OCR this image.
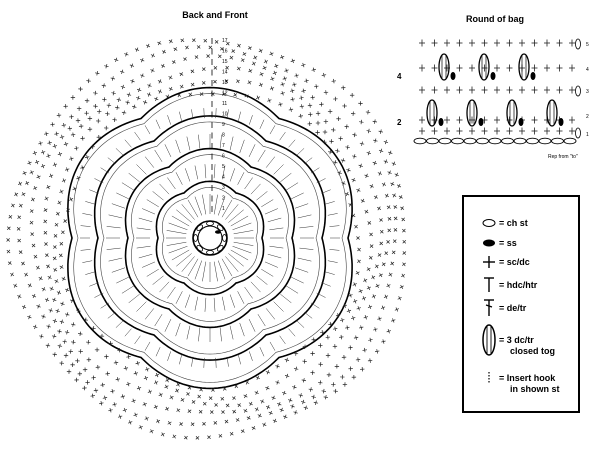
Back and Front	Round of bag
17
16
15
14
13
12
11
10
9
8
7
6
5
4
3
2
1
5
4
3
2
1
4
2
Rep from "to"
= ch st
= ss
= sc/dc
= hdc/htr
= de/tr
= 3 dc/tr
closed tog
= Insert hook
in shown st
